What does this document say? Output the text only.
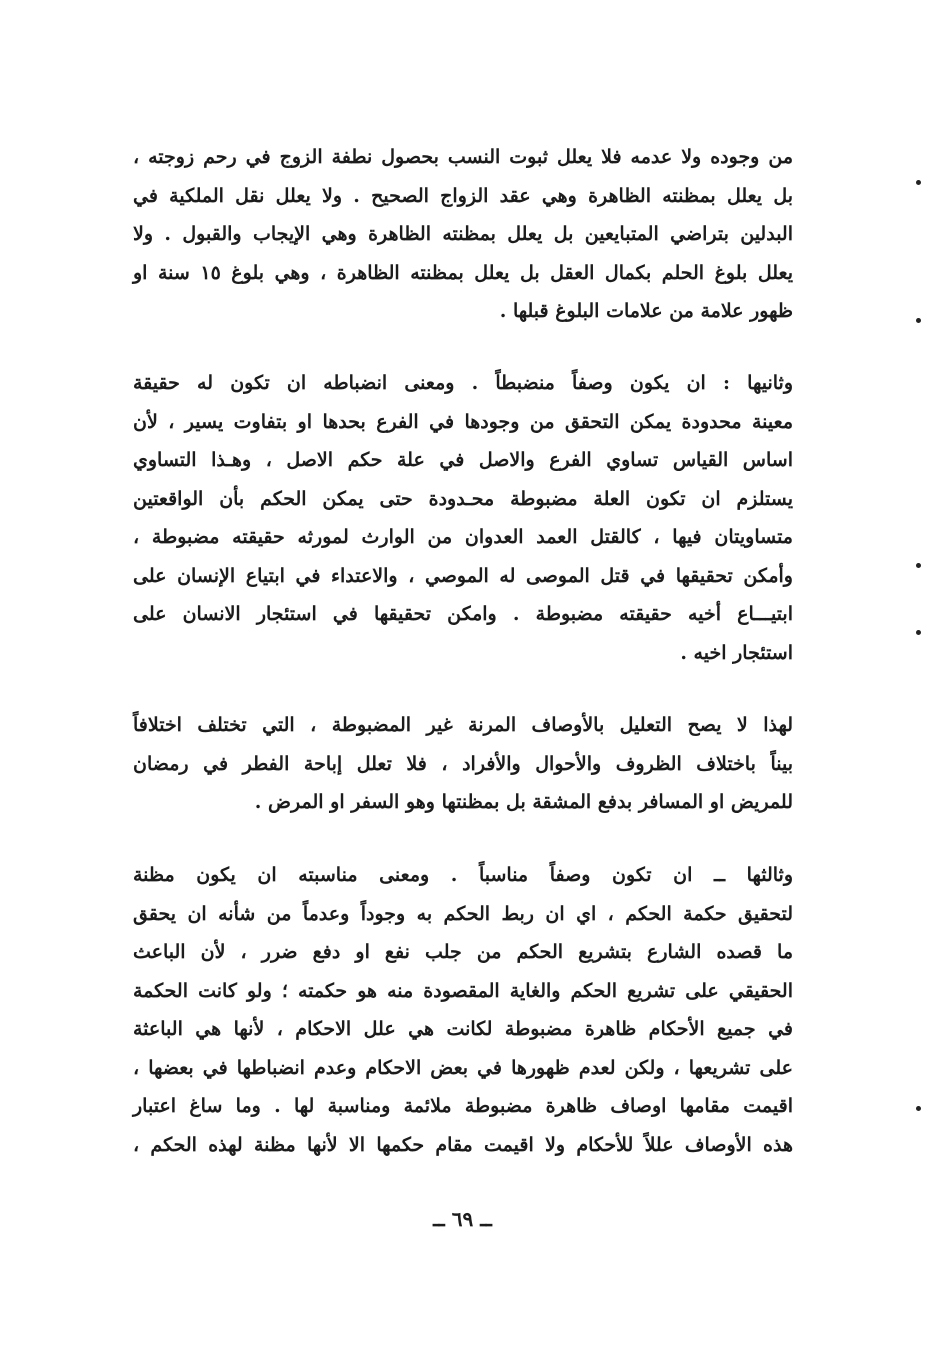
من وجوده ولا عدمه فلا يعلل ثبوت النسب بحصول نطفة الزوج في رحم زوجته ،
بل يعلل بمظنته الظاهرة وهي عقد الزواج الصحيح . ولا يعلل نقل الملكية في
البدلين بتراضي المتبايعين بل يعلل بمظنته الظاهرة وهي الإيجاب والقبول . ولا
يعلل بلوغ الحلم بكمال العقل بل يعلل بمظنته الظاهرة ، وهي بلوغ ١٥ سنة او
ظهور علامة من علامات البلوغ قبلها .
وثانيها : ان يكون وصفاً منضبطاً . ومعنى انضباطه ان تكون له حقيقة
معينة محدودة يمكن التحقق من وجودها في الفرع بحدها او بتفاوت يسير ، لأن
اساس القياس تساوي الفرع والاصل في علة حكم الاصل ، وهـذا التساوي
يستلزم ان تكون العلة مضبوطة محـدودة حتى يمكن الحكم بأن الواقعتين
متساويتان فيها ، كالقتل العمد العدوان من الوارث لمورثه حقيقته مضبوطة ،
وأمكن تحقيقها في قتل الموصى له الموصي ، والاعتداء في ابتياع الإنسان على
ابتيـــاع أخيه حقيقته مضبوطة . وامكن تحقيقها في استئجار الانسان على
استئجار اخيه .
لهذا لا يصح التعليل بالأوصاف المرنة غير المضبوطة ، التي تختلف اختلافاً
بيناً باختلاف الظروف والأحوال والأفراد ، فلا تعلل إباحة الفطر في رمضان
للمريض او المسافر بدفع المشقة بل بمظنتها وهو السفر او المرض .
وثالثها ــ ان تكون وصفاً مناسباً . ومعنى مناسبته ان يكون مظنة
لتحقيق حكمة الحكم ، اي ان ربط الحكم به وجوداً وعدماً من شأنه ان يحقق
ما قصده الشارع بتشريع الحكم من جلب نفع او دفع ضرر ، لأن الباعث
الحقيقي على تشريع الحكم والغاية المقصودة منه هو حكمته ؛ ولو كانت الحكمة
في جميع الأحكام ظاهرة مضبوطة لكانت هي علل الاحكام ، لأنها هي الباعثة
على تشريعها ، ولكن لعدم ظهورها في بعض الاحكام وعدم انضباطها في بعضها ،
اقيمت مقامها اوصاف ظاهرة مضبوطة ملائمة ومناسبة لها . وما ساغ اعتبار
هذه الأوصاف عللاً للأحكام ولا اقيمت مقام حكمها الا لأنها مظنة لهذه الحكم ،
ــ ٦٩ ــ
